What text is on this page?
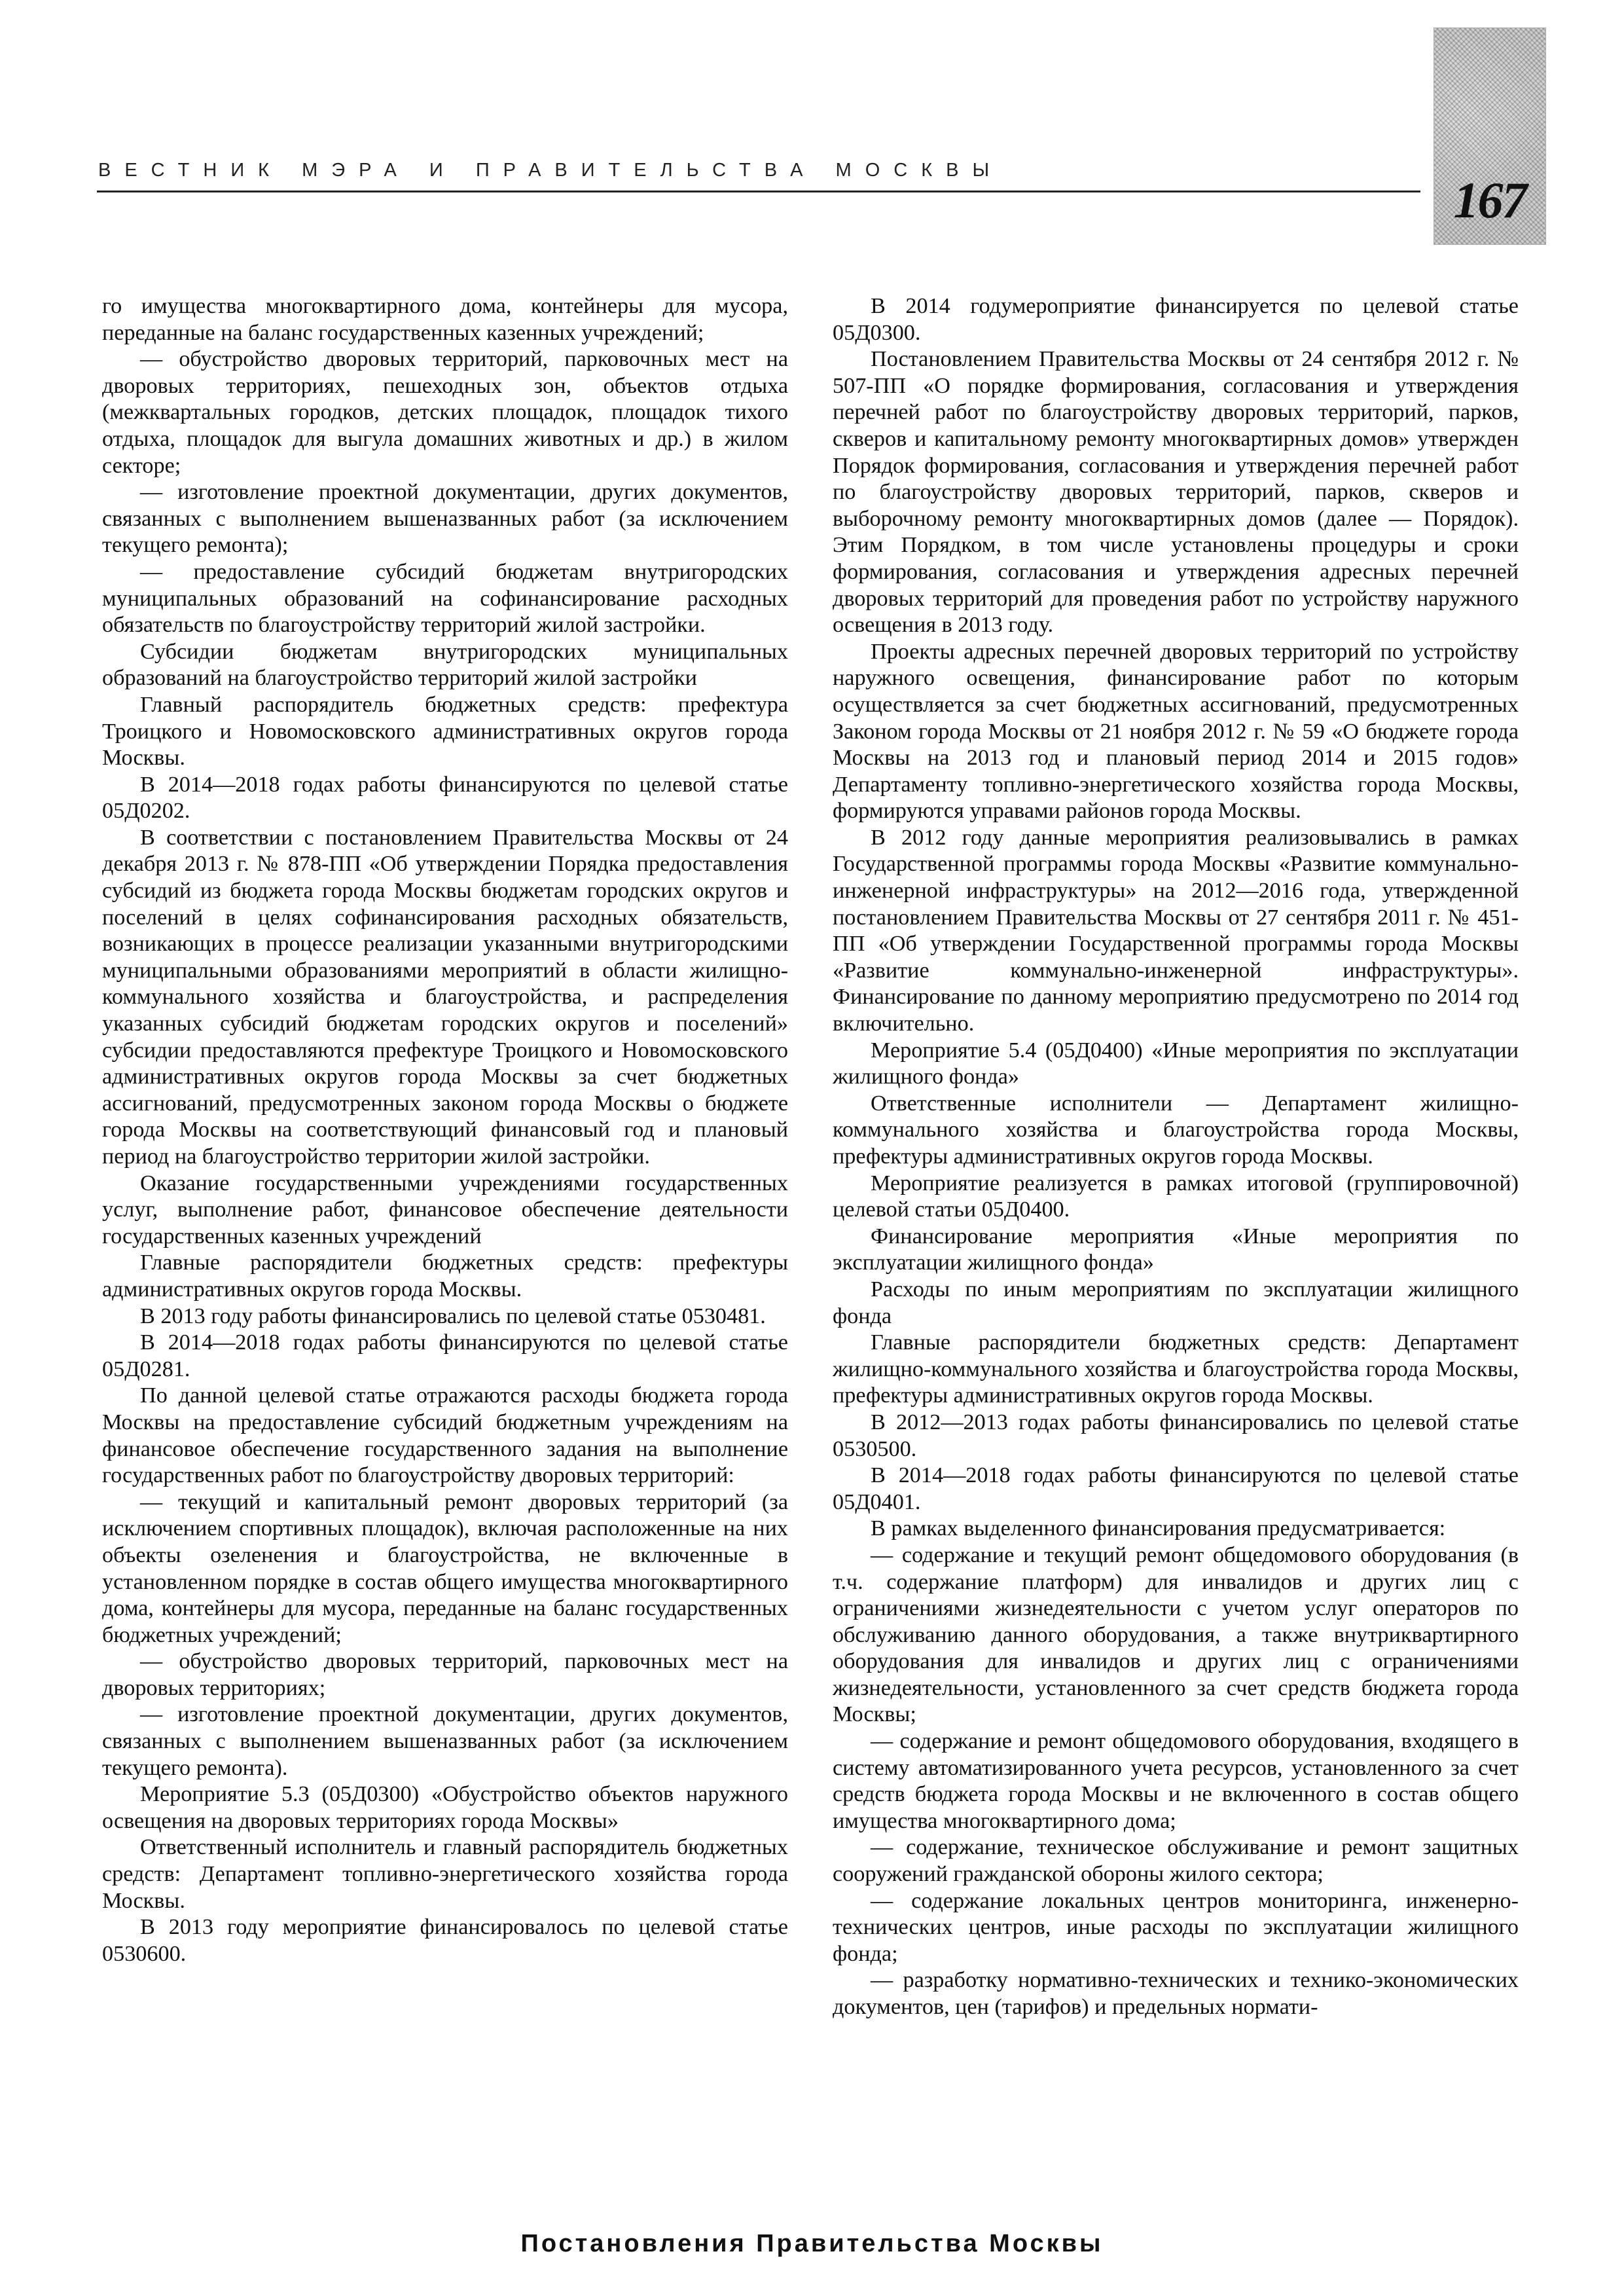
ВЕСТНИК МЭРА И ПРАВИТЕЛЬСТВА МОСКВЫ
167

го имущества многоквартирного дома, контейнеры для мусора, переданные на баланс государственных казенных учреждений;

— обустройство дворовых территорий, парковочных мест на дворовых территориях, пешеходных зон, объектов отдыха (межквартальных городков, детских площадок, площадок тихого отдыха, площадок для выгула домашних животных и др.) в жилом секторе;

— изготовление проектной документации, других документов, связанных с выполнением вышеназванных работ (за исключением текущего ремонта);

— предоставление субсидий бюджетам внутригородских муниципальных образований на софинансирование расходных обязательств по благоустройству территорий жилой застройки.

Субсидии бюджетам внутригородских муниципальных образований на благоустройство территорий жилой застройки

Главный распорядитель бюджетных средств: префектура Троицкого и Новомосковского административных округов города Москвы.

В 2014—2018 годах работы финансируются по целевой статье 05Д0202.

В соответствии с постановлением Правительства Москвы от 24 декабря 2013 г. № 878-ПП «Об утверждении Порядка предоставления субсидий из бюджета города Москвы бюджетам городских округов и поселений в целях софинансирования расходных обязательств, возникающих в процессе реализации указанными внутригородскими муниципальными образованиями мероприятий в области жилищно-коммунального хозяйства и благоустройства, и распределения указанных субсидий бюджетам городских округов и поселений» субсидии предоставляются префектуре Троицкого и Новомосковского административных округов города Москвы за счет бюджетных ассигнований, предусмотренных законом города Москвы о бюджете города Москвы на соответствующий финансовый год и плановый период на благоустройство территории жилой застройки.

Оказание государственными учреждениями государственных услуг, выполнение работ, финансовое обеспечение деятельности государственных казенных учреждений

Главные распорядители бюджетных средств: префектуры административных округов города Москвы.

В 2013 году работы финансировались по целевой статье 0530481.

В 2014—2018 годах работы финансируются по целевой статье 05Д0281.

По данной целевой статье отражаются расходы бюджета города Москвы на предоставление субсидий бюджетным учреждениям на финансовое обеспечение государственного задания на выполнение государственных работ по благоустройству дворовых территорий:

— текущий и капитальный ремонт дворовых территорий (за исключением спортивных площадок), включая расположенные на них объекты озеленения и благоустройства, не включенные в установленном порядке в состав общего имущества многоквартирного дома, контейнеры для мусора, переданные на баланс государственных бюджетных учреждений;

— обустройство дворовых территорий, парковочных мест на дворовых территориях;

— изготовление проектной документации, других документов, связанных с выполнением вышеназванных работ (за исключением текущего ремонта).

Мероприятие 5.3 (05Д0300) «Обустройство объектов наружного освещения на дворовых территориях города Москвы»

Ответственный исполнитель и главный распорядитель бюджетных средств: Департамент топливно-энергетического хозяйства города Москвы.

В 2013 году мероприятие финансировалось по целевой статье 0530600.

В 2014 годумероприятие финансируется по целевой статье 05Д0300.

Постановлением Правительства Москвы от 24 сентября 2012 г. № 507-ПП «О порядке формирования, согласования и утверждения перечней работ по благоустройству дворовых территорий, парков, скверов и капитальному ремонту многоквартирных домов» утвержден Порядок формирования, согласования и утверждения перечней работ по благоустройству дворовых территорий, парков, скверов и выборочному ремонту многоквартирных домов (далее — Порядок). Этим Порядком, в том числе установлены процедуры и сроки формирования, согласования и утверждения адресных перечней дворовых территорий для проведения работ по устройству наружного освещения в 2013 году.

Проекты адресных перечней дворовых территорий по устройству наружного освещения, финансирование работ по которым осуществляется за счет бюджетных ассигнований, предусмотренных Законом города Москвы от 21 ноября 2012 г. № 59 «О бюджете города Москвы на 2013 год и плановый период 2014 и 2015 годов» Департаменту топливно-энергетического хозяйства города Москвы, формируются управами районов города Москвы.

В 2012 году данные мероприятия реализовывались в рамках Государственной программы города Москвы «Развитие коммунально-инженерной инфраструктуры» на 2012—2016 года, утвержденной постановлением Правительства Москвы от 27 сентября 2011 г. № 451-ПП «Об утверждении Государственной программы города Москвы «Развитие коммунально-инженерной инфраструктуры». Финансирование по данному мероприятию предусмотрено по 2014 год включительно.

Мероприятие 5.4 (05Д0400) «Иные мероприятия по эксплуатации жилищного фонда»

Ответственные исполнители — Департамент жилищно-коммунального хозяйства и благоустройства города Москвы, префектуры административных округов города Москвы.

Мероприятие реализуется в рамках итоговой (группировочной) целевой статьи 05Д0400.

Финансирование мероприятия «Иные мероприятия по эксплуатации жилищного фонда»

Расходы по иным мероприятиям по эксплуатации жилищного фонда

Главные распорядители бюджетных средств: Департамент жилищно-коммунального хозяйства и благоустройства города Москвы, префектуры административных округов города Москвы.

В 2012—2013 годах работы финансировались по целевой статье 0530500.

В 2014—2018 годах работы финансируются по целевой статье 05Д0401.

В рамках выделенного финансирования предусматривается:

— содержание и текущий ремонт общедомового оборудования (в т.ч. содержание платформ) для инвалидов и других лиц с ограничениями жизнедеятельности с учетом услуг операторов по обслуживанию данного оборудования, а также внутриквартирного оборудования для инвалидов и других лиц с ограничениями жизнедеятельности, установленного за счет средств бюджета города Москвы;

— содержание и ремонт общедомового оборудования, входящего в систему автоматизированного учета ресурсов, установленного за счет средств бюджета города Москвы и не включенного в состав общего имущества многоквартирного дома;

— содержание, техническое обслуживание и ремонт защитных сооружений гражданской обороны жилого сектора;

— содержание локальных центров мониторинга, инженерно-технических центров, иные расходы по эксплуатации жилищного фонда;

— разработку нормативно-технических и технико-экономических документов, цен (тарифов) и предельных нормати-

Постановления Правительства Москвы
